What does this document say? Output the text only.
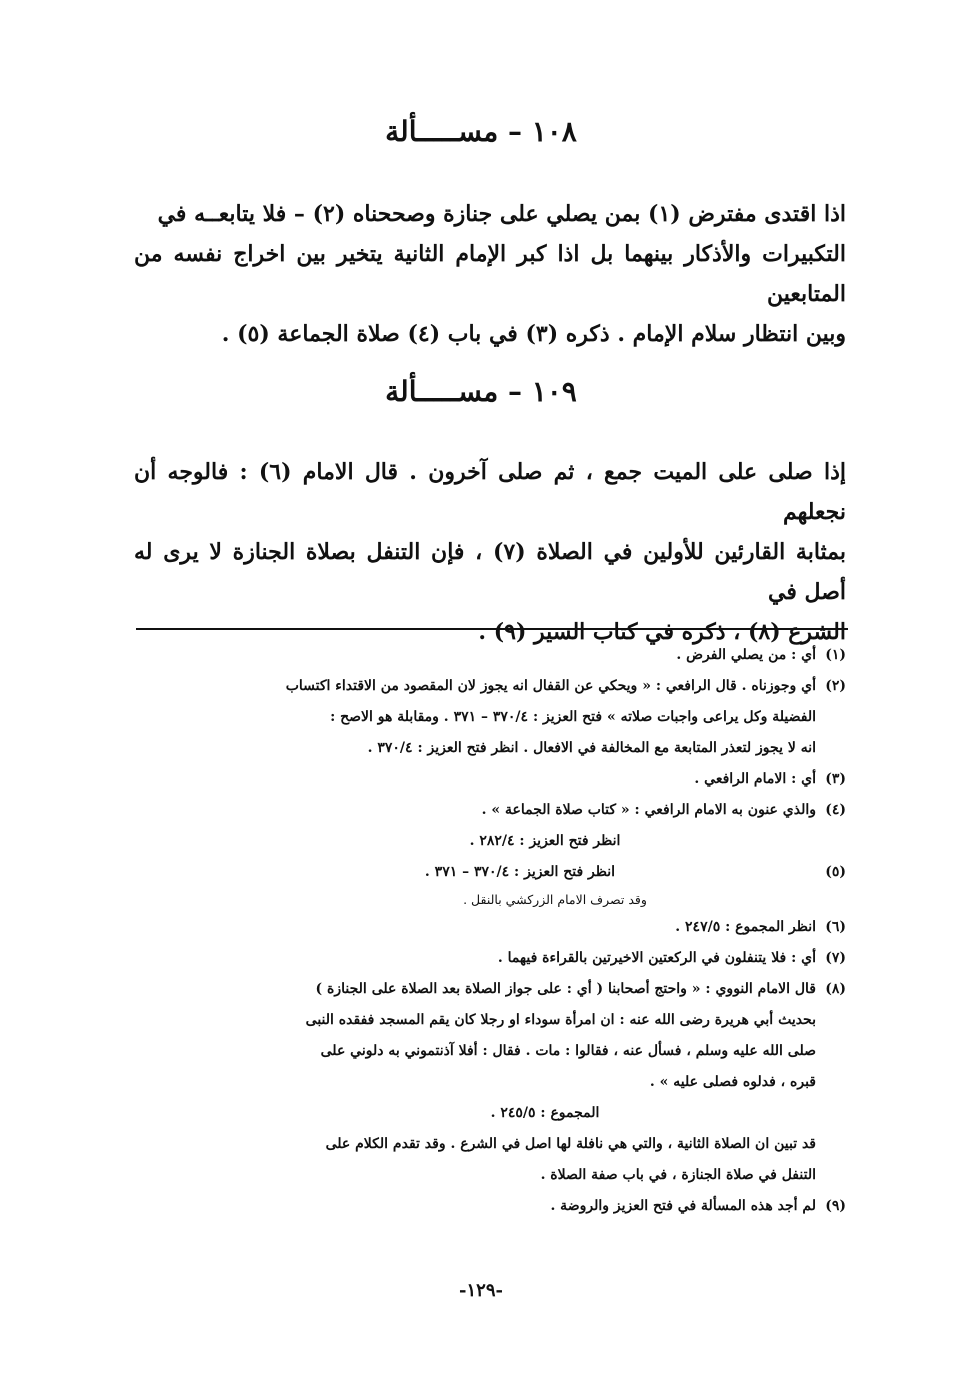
١٠٨ – مســـــألة

اذا اقتدى مفترض (١) بمن يصلي على جنازة وصححناه (٢) – فلا يتابعــه في

التكبيرات والأذكار بينهما بل اذا كبر الإمام الثانية يتخير بين اخراج نفسه من المتابعين

وبين انتظار سلام الإمام . ذكره (٣) في باب (٤) صلاة الجماعة (٥) .

١٠٩ – مســـــألة

إذا صلى على الميت جمع ، ثم صلى آخرون . قال الامام (٦) : فالوجه أن نجعلهم

بمثابة القارئين للأولين في الصلاة (٧) ، فإن التنفل بصلاة الجنازة لا يرى له أصل في

الشرع (٨) ، ذكره في كتاب السير (٩) .

(١)

أي : من يصلي الفرض .

(٢)

أي وجوزناه . قال الرافعي : « ويحكي عن القفال انه يجوز لان المقصود من الاقتداء اكتساب

الفضيلة وكل يراعى واجبات صلاته » فتح العزيز : ٣٧٠/٤ – ٣٧١ . ومقابلة هو الاصح :

انه لا يجوز لتعذر المتابعة مع المخالفة في الافعال . انظر فتح العزيز : ٣٧٠/٤ .

(٣)

أي : الامام الرافعي .

(٤)

والذي عنون به الامام الرافعي : « كتاب صلاة الجماعة » .

انظر فتح العزيز : ٢٨٢/٤ .

(٥)

انظر فتح العزيز : ٣٧٠/٤ – ٣٧١ .

وقد تصرف الامام الزركشي بالنقل .

(٦)

انظر المجموع : ٢٤٧/٥ .

(٧)

أي : فلا يتنفلون في الركعتين الاخيرتين بالقراءة فيهما .

(٨)

قال الامام النووي : « واحتج أصحابنا ( أي : على جواز الصلاة بعد الصلاة على الجنازة )

بحديث أبي هريرة رضى الله عنه : ان امرأة سوداء او رجلا كان يقم المسجد ففقده النبى

صلى الله عليه وسلم ، فسأل عنه ، فقالوا : مات . فقال : أفلا آذنتموني به دلوني على

قبره ، فدلوه فصلى عليه » .

المجموع : ٢٤٥/٥ .

قد تبين ان الصلاة الثانية ، والتي هي نافلة لها اصل في الشرع . وقد تقدم الكلام على

التنفل في صلاة الجنازة ، في باب صفة الصلاة .

(٩)

لم أجد هذه المسألة في فتح العزيز والروضة .

-١٢٩-
